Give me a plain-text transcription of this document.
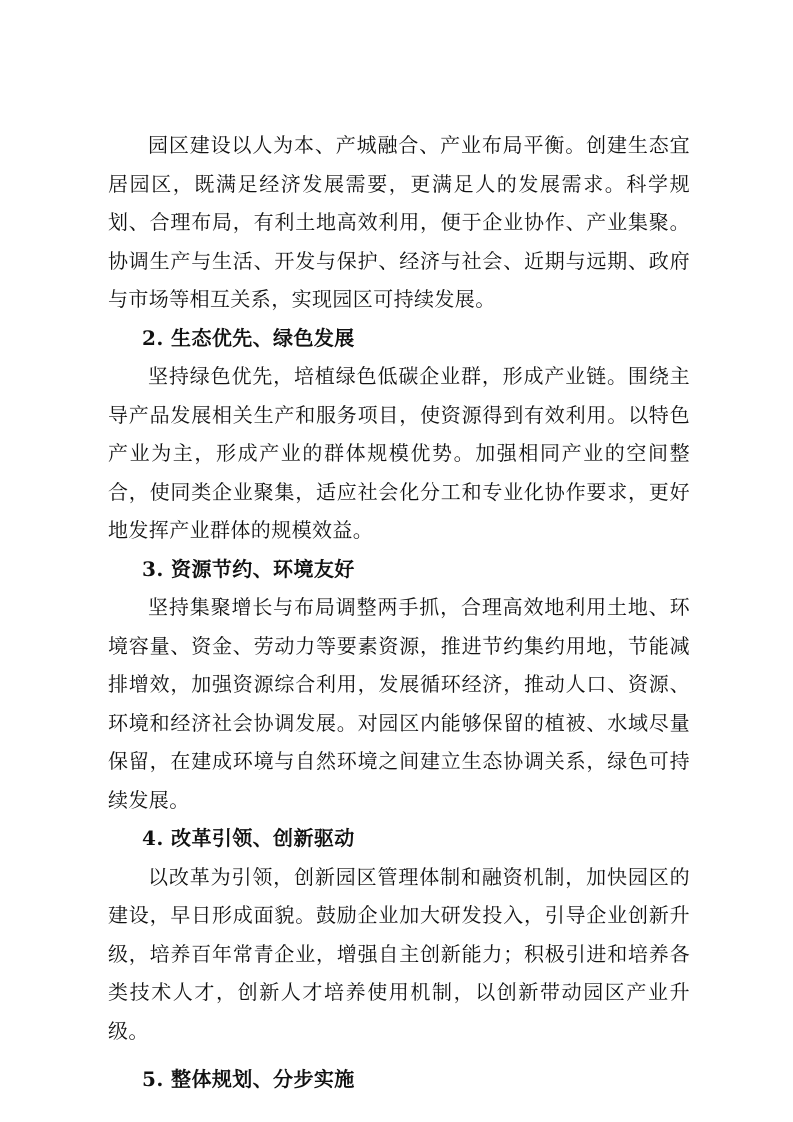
园区建设以人为本、产城融合、产业布局平衡。创建生态宜居园区，既满足经济发展需要，更满足人的发展需求。科学规划、合理布局，有利土地高效利用，便于企业协作、产业集聚。协调生产与生活、开发与保护、经济与社会、近期与远期、政府与市场等相互关系，实现园区可持续发展。

2. 生态优先、绿色发展

坚持绿色优先，培植绿色低碳企业群，形成产业链。围绕主导产品发展相关生产和服务项目，使资源得到有效利用。以特色产业为主，形成产业的群体规模优势。加强相同产业的空间整合，使同类企业聚集，适应社会化分工和专业化协作要求，更好地发挥产业群体的规模效益。

3. 资源节约、环境友好

坚持集聚增长与布局调整两手抓，合理高效地利用土地、环境容量、资金、劳动力等要素资源，推进节约集约用地，节能减排增效，加强资源综合利用，发展循环经济，推动人口、资源、环境和经济社会协调发展。对园区内能够保留的植被、水域尽量保留，在建成环境与自然环境之间建立生态协调关系，绿色可持续发展。

4. 改革引领、创新驱动

以改革为引领，创新园区管理体制和融资机制，加快园区的建设，早日形成面貌。鼓励企业加大研发投入，引导企业创新升级，培养百年常青企业，增强自主创新能力；积极引进和培养各类技术人才，创新人才培养使用机制，以创新带动园区产业升级。

5. 整体规划、分步实施
